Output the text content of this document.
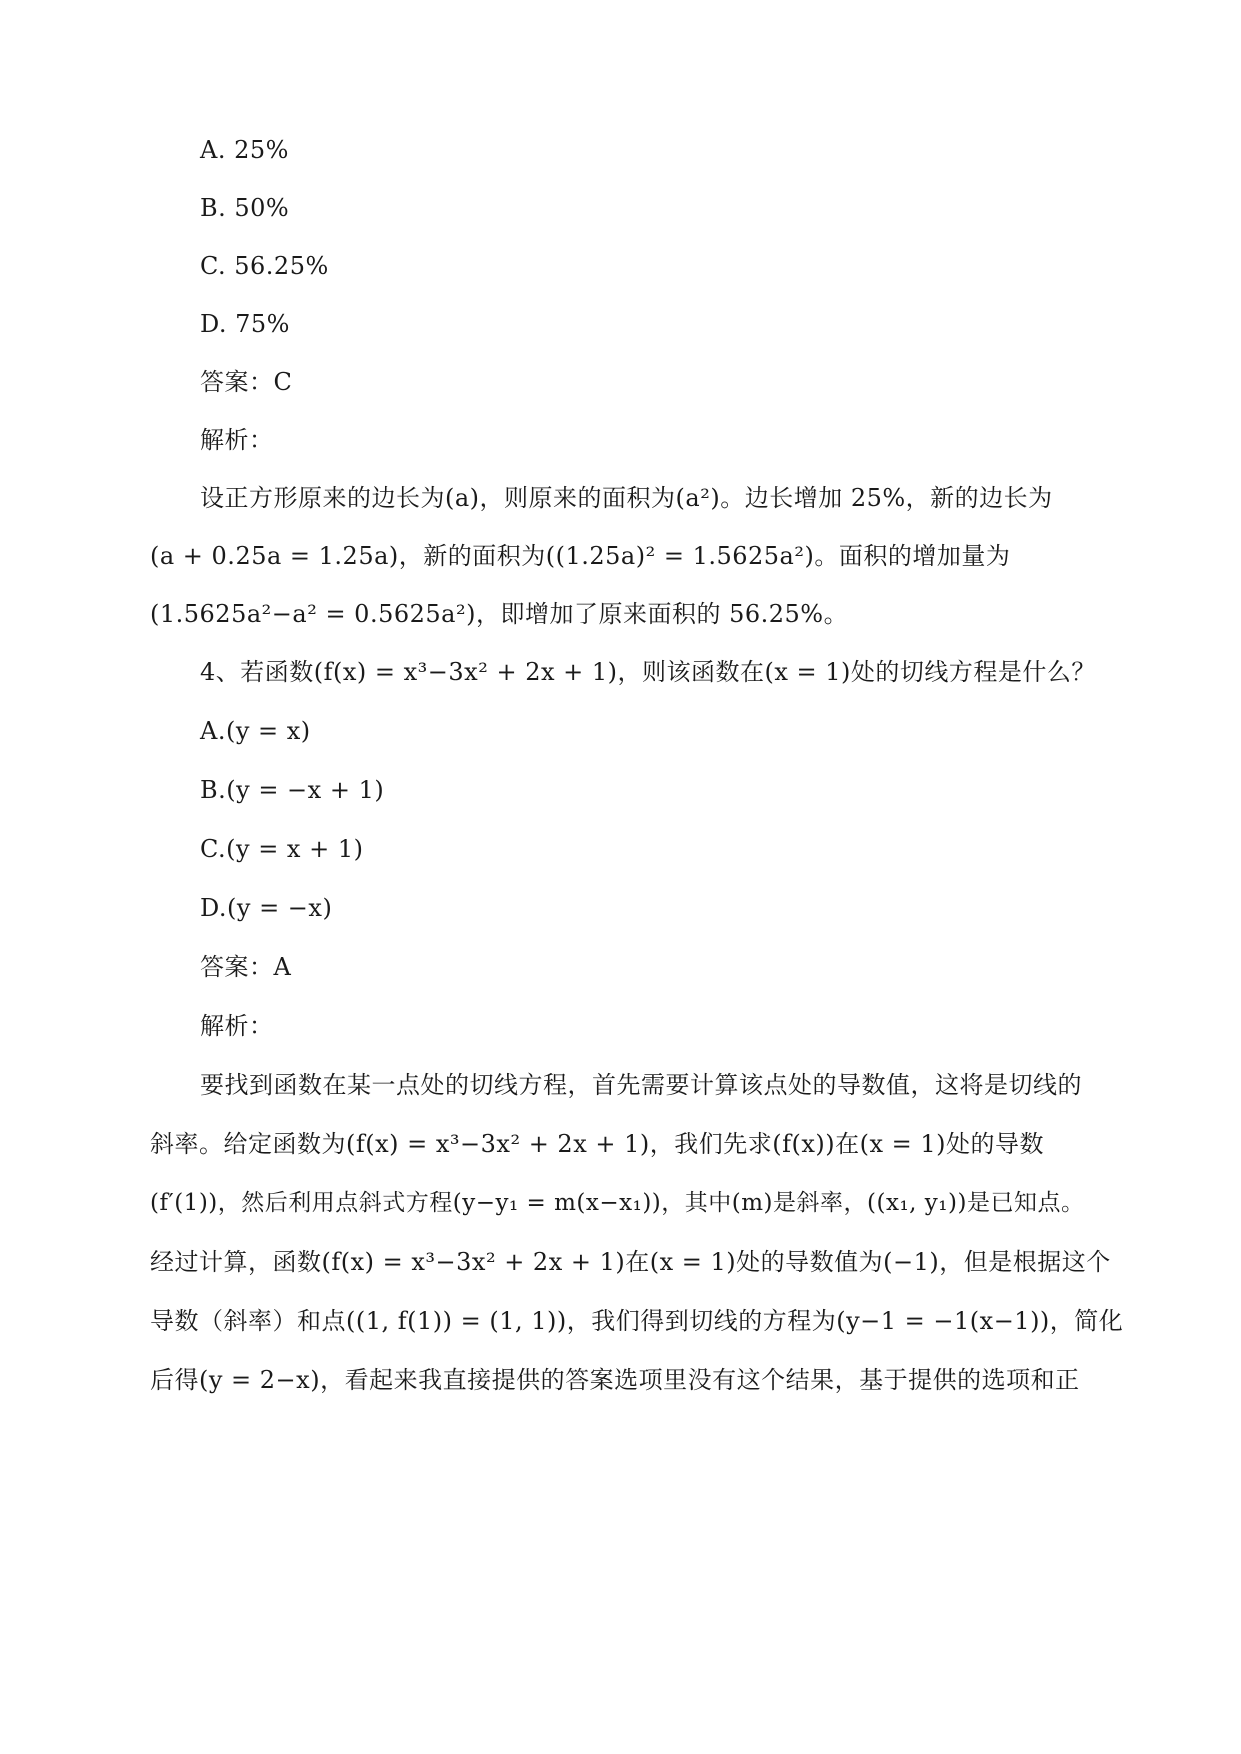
A. 25%
B. 50%
C. 56.25%
D. 75%
答案：C
解析：
设正方形原来的边长为(a)，则原来的面积为(a²)。边长增加 25%，新的边长为
(a + 0.25a = 1.25a)，新的面积为((1.25a)² = 1.5625a²)。面积的增加量为
(1.5625a²−a² = 0.5625a²)，即增加了原来面积的 56.25%。
4、若函数(f(x) = x³−3x² + 2x + 1)，则该函数在(x = 1)处的切线方程是什么？
A.(y = x)
B.(y = −x + 1)
C.(y = x + 1)
D.(y = −x)
答案：A
解析：
要找到函数在某一点处的切线方程，首先需要计算该点处的导数值，这将是切线的
斜率。给定函数为(f(x) = x³−3x² + 2x + 1)，我们先求(f(x))在(x = 1)处的导数
(f′(1))，然后利用点斜式方程(y−y₁ = m(x−x₁))，其中(m)是斜率，((x₁, y₁))是已知点。
经过计算，函数(f(x) = x³−3x² + 2x + 1)在(x = 1)处的导数值为(−1)，但是根据这个
导数（斜率）和点((1, f(1)) = (1, 1))，我们得到切线的方程为(y−1 = −1(x−1))，简化
后得(y = 2−x)，看起来我直接提供的答案选项里没有这个结果，基于提供的选项和正
